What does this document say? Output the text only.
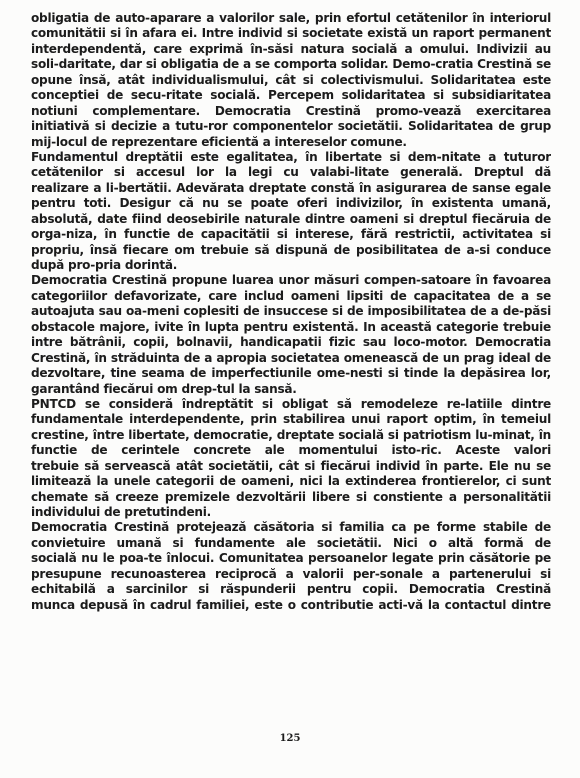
obligatia de auto-aparare a valorilor sale, prin efortul cetătenilor în interiorul
comunitătii si în afara ei. Intre individ si societate există un raport permanent
interdependentă, care exprimă în-săsi natura socială a omului. Indivizii au
soli-daritate, dar si obligatia de a se comporta solidar. Demo-cratia Crestină se
opune însă, atât individualismului, cât si colectivismului. Solidaritatea este
conceptiei de secu-ritate socială. Percepem solidaritatea si subsidiaritatea
notiuni complementare. Democratia Crestină promo-vează exercitarea
initiativă si decizie a tutu-ror componentelor societătii. Solidaritatea de grup
mij-locul de reprezentare eficientă a intereselor comune.
Fundamentul dreptătii este egalitatea, în libertate si dem-nitate a tuturor
cetătenilor si accesul lor la legi cu valabi-litate generală. Dreptul dă
realizare a li-bertătii. Adevărata dreptate constă în asigurarea de sanse egale
pentru toti. Desigur că nu se poate oferi indivizilor, în existenta umană,
absolută, date fiind deosebirile naturale dintre oameni si dreptul fiecăruia de
orga-niza, în functie de capacitătii si interese, fără restrictii, activitatea si
propriu, însă fiecare om trebuie să dispună de posibilitatea de a-si conduce
după pro-pria dorintă.
Democratia Crestină propune luarea unor măsuri compen-satoare în favoarea
categoriilor defavorizate, care includ oameni lipsiti de capacitatea de a se
autoajuta sau oa-meni coplesiti de insuccese si de imposibilitatea de a de-păsi
obstacole majore, ivite în lupta pentru existentă. In această categorie trebuie
intre bătrânii, copii, bolnavii, handicapatii fizic sau loco-motor. Democratia
Crestină, în străduinta de a apropia societatea omenească de un prag ideal de
dezvoltare, tine seama de imperfectiunile ome-nesti si tinde la depăsirea lor,
garantând fiecărui om drep-tul la sansă.
PNTCD se consideră îndreptătit si obligat să remodeleze re-latiile dintre
fundamentale interdependente, prin stabilirea unui raport optim, în temeiul
crestine, între libertate, democratie, dreptate socială si patriotism lu-minat, în
functie de cerintele concrete ale momentului isto-ric. Aceste valori
trebuie să servească atât societătii, cât si fiecărui individ în parte. Ele nu se
limitează la unele categorii de oameni, nici la extinderea frontierelor, ci sunt
chemate să creeze premizele dezvoltării libere si constiente a personalitătii
individului de pretutindeni.
Democratia Crestină protejează căsătoria si familia ca pe forme stabile de
convietuire umană si fundamente ale societătii. Nici o altă formă de
socială nu le poa-te înlocui. Comunitatea persoanelor legate prin căsătorie pe
presupune recunoasterea reciprocă a valorii per-sonale a partenerului si
echitabilă a sarcinilor si răspunderii pentru copii. Democratia Crestină
munca depusă în cadrul familiei, este o contributie acti-vă la contactul dintre
125
